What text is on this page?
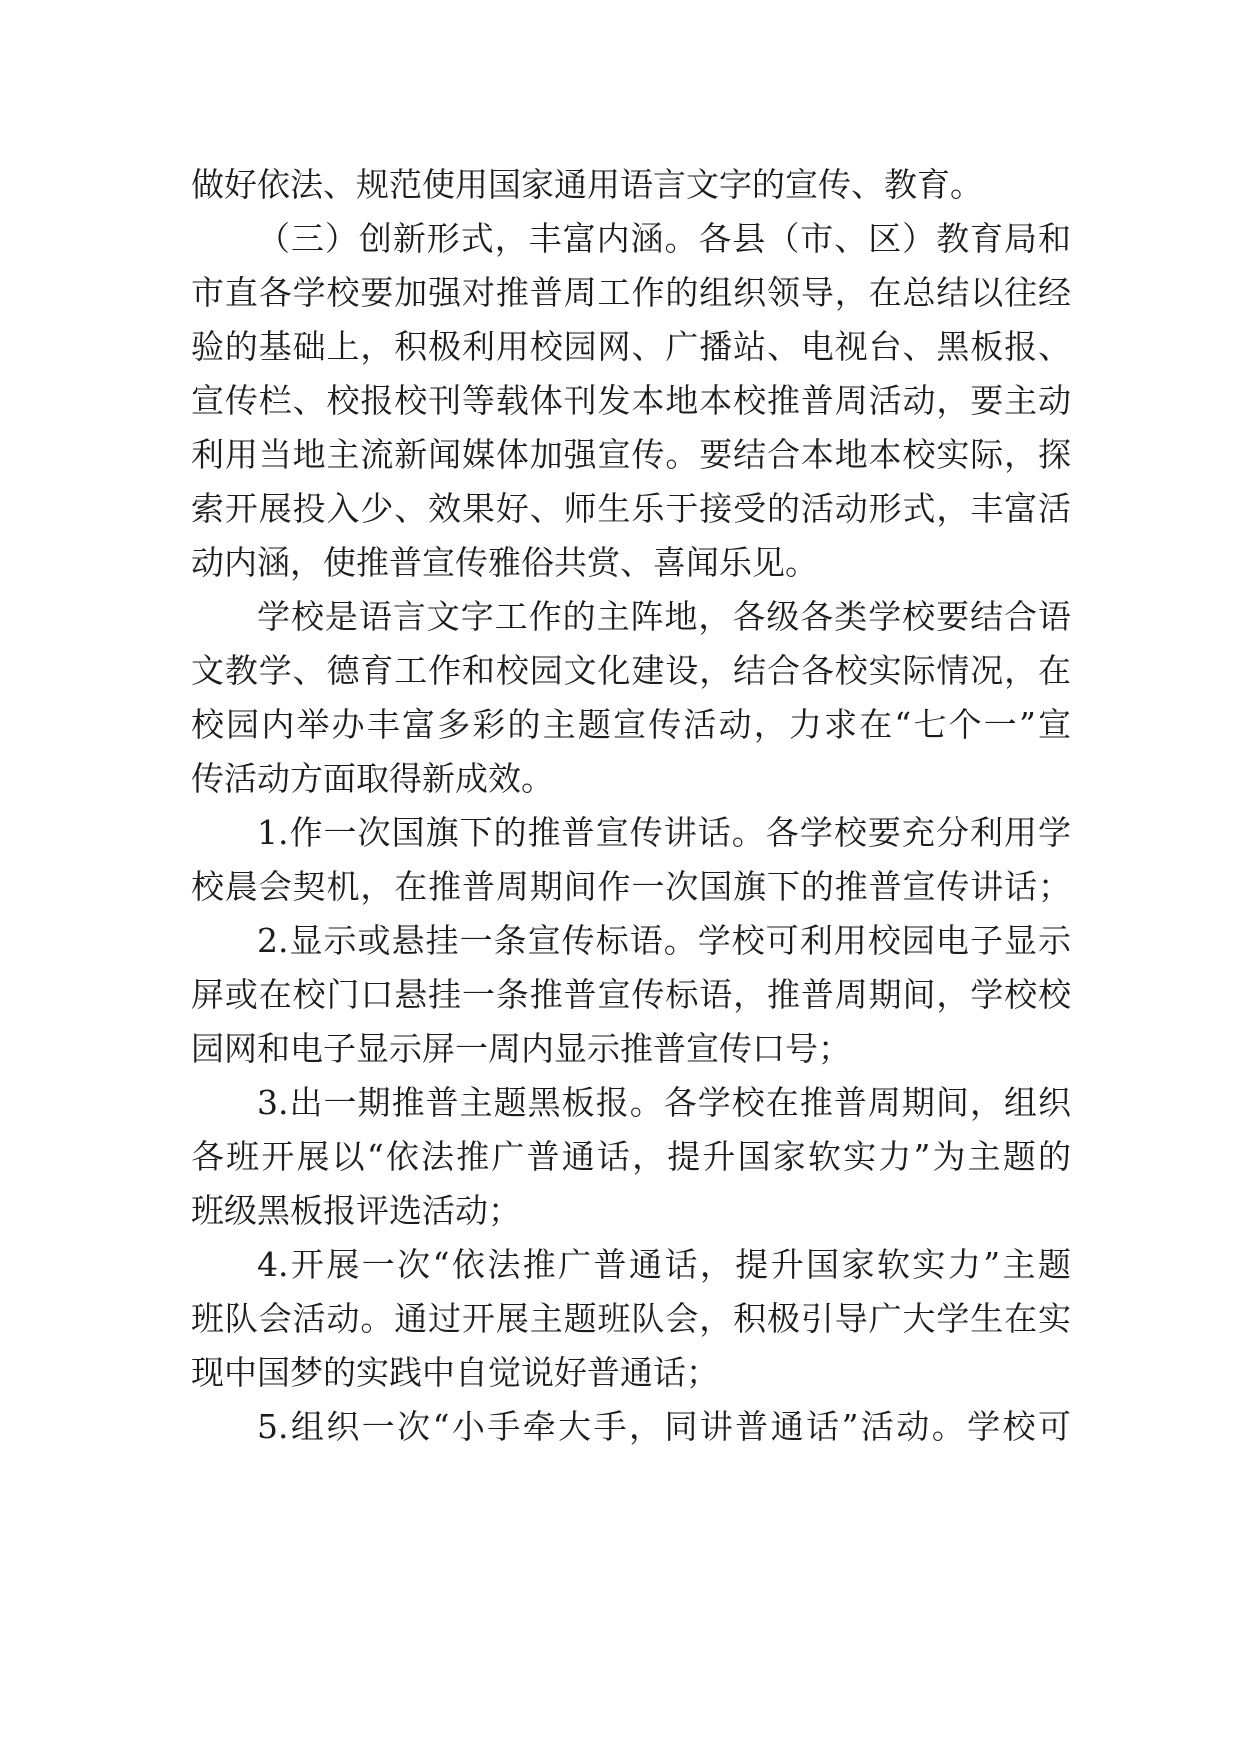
做好依法、规范使用国家通用语言文字的宣传、教育。
（三）创新形式，丰富内涵。各县（市、区）教育局和
市直各学校要加强对推普周工作的组织领导，在总结以往经
验的基础上，积极利用校园网、广播站、电视台、黑板报、
宣传栏、校报校刊等载体刊发本地本校推普周活动，要主动
利用当地主流新闻媒体加强宣传。要结合本地本校实际，探
索开展投入少、效果好、师生乐于接受的活动形式，丰富活
动内涵，使推普宣传雅俗共赏、喜闻乐见。
学校是语言文字工作的主阵地，各级各类学校要结合语
文教学、德育工作和校园文化建设，结合各校实际情况，在
校园内举办丰富多彩的主题宣传活动，力求在“七个一”宣
传活动方面取得新成效。
1.作一次国旗下的推普宣传讲话。各学校要充分利用学
校晨会契机，在推普周期间作一次国旗下的推普宣传讲话；
2.显示或悬挂一条宣传标语。学校可利用校园电子显示
屏或在校门口悬挂一条推普宣传标语，推普周期间，学校校
园网和电子显示屏一周内显示推普宣传口号；
3.出一期推普主题黑板报。各学校在推普周期间，组织
各班开展以“依法推广普通话，提升国家软实力”为主题的
班级黑板报评选活动；
4.开展一次“依法推广普通话，提升国家软实力”主题
班队会活动。通过开展主题班队会，积极引导广大学生在实
现中国梦的实践中自觉说好普通话；
5.组织一次“小手牵大手，同讲普通话”活动。学校可
